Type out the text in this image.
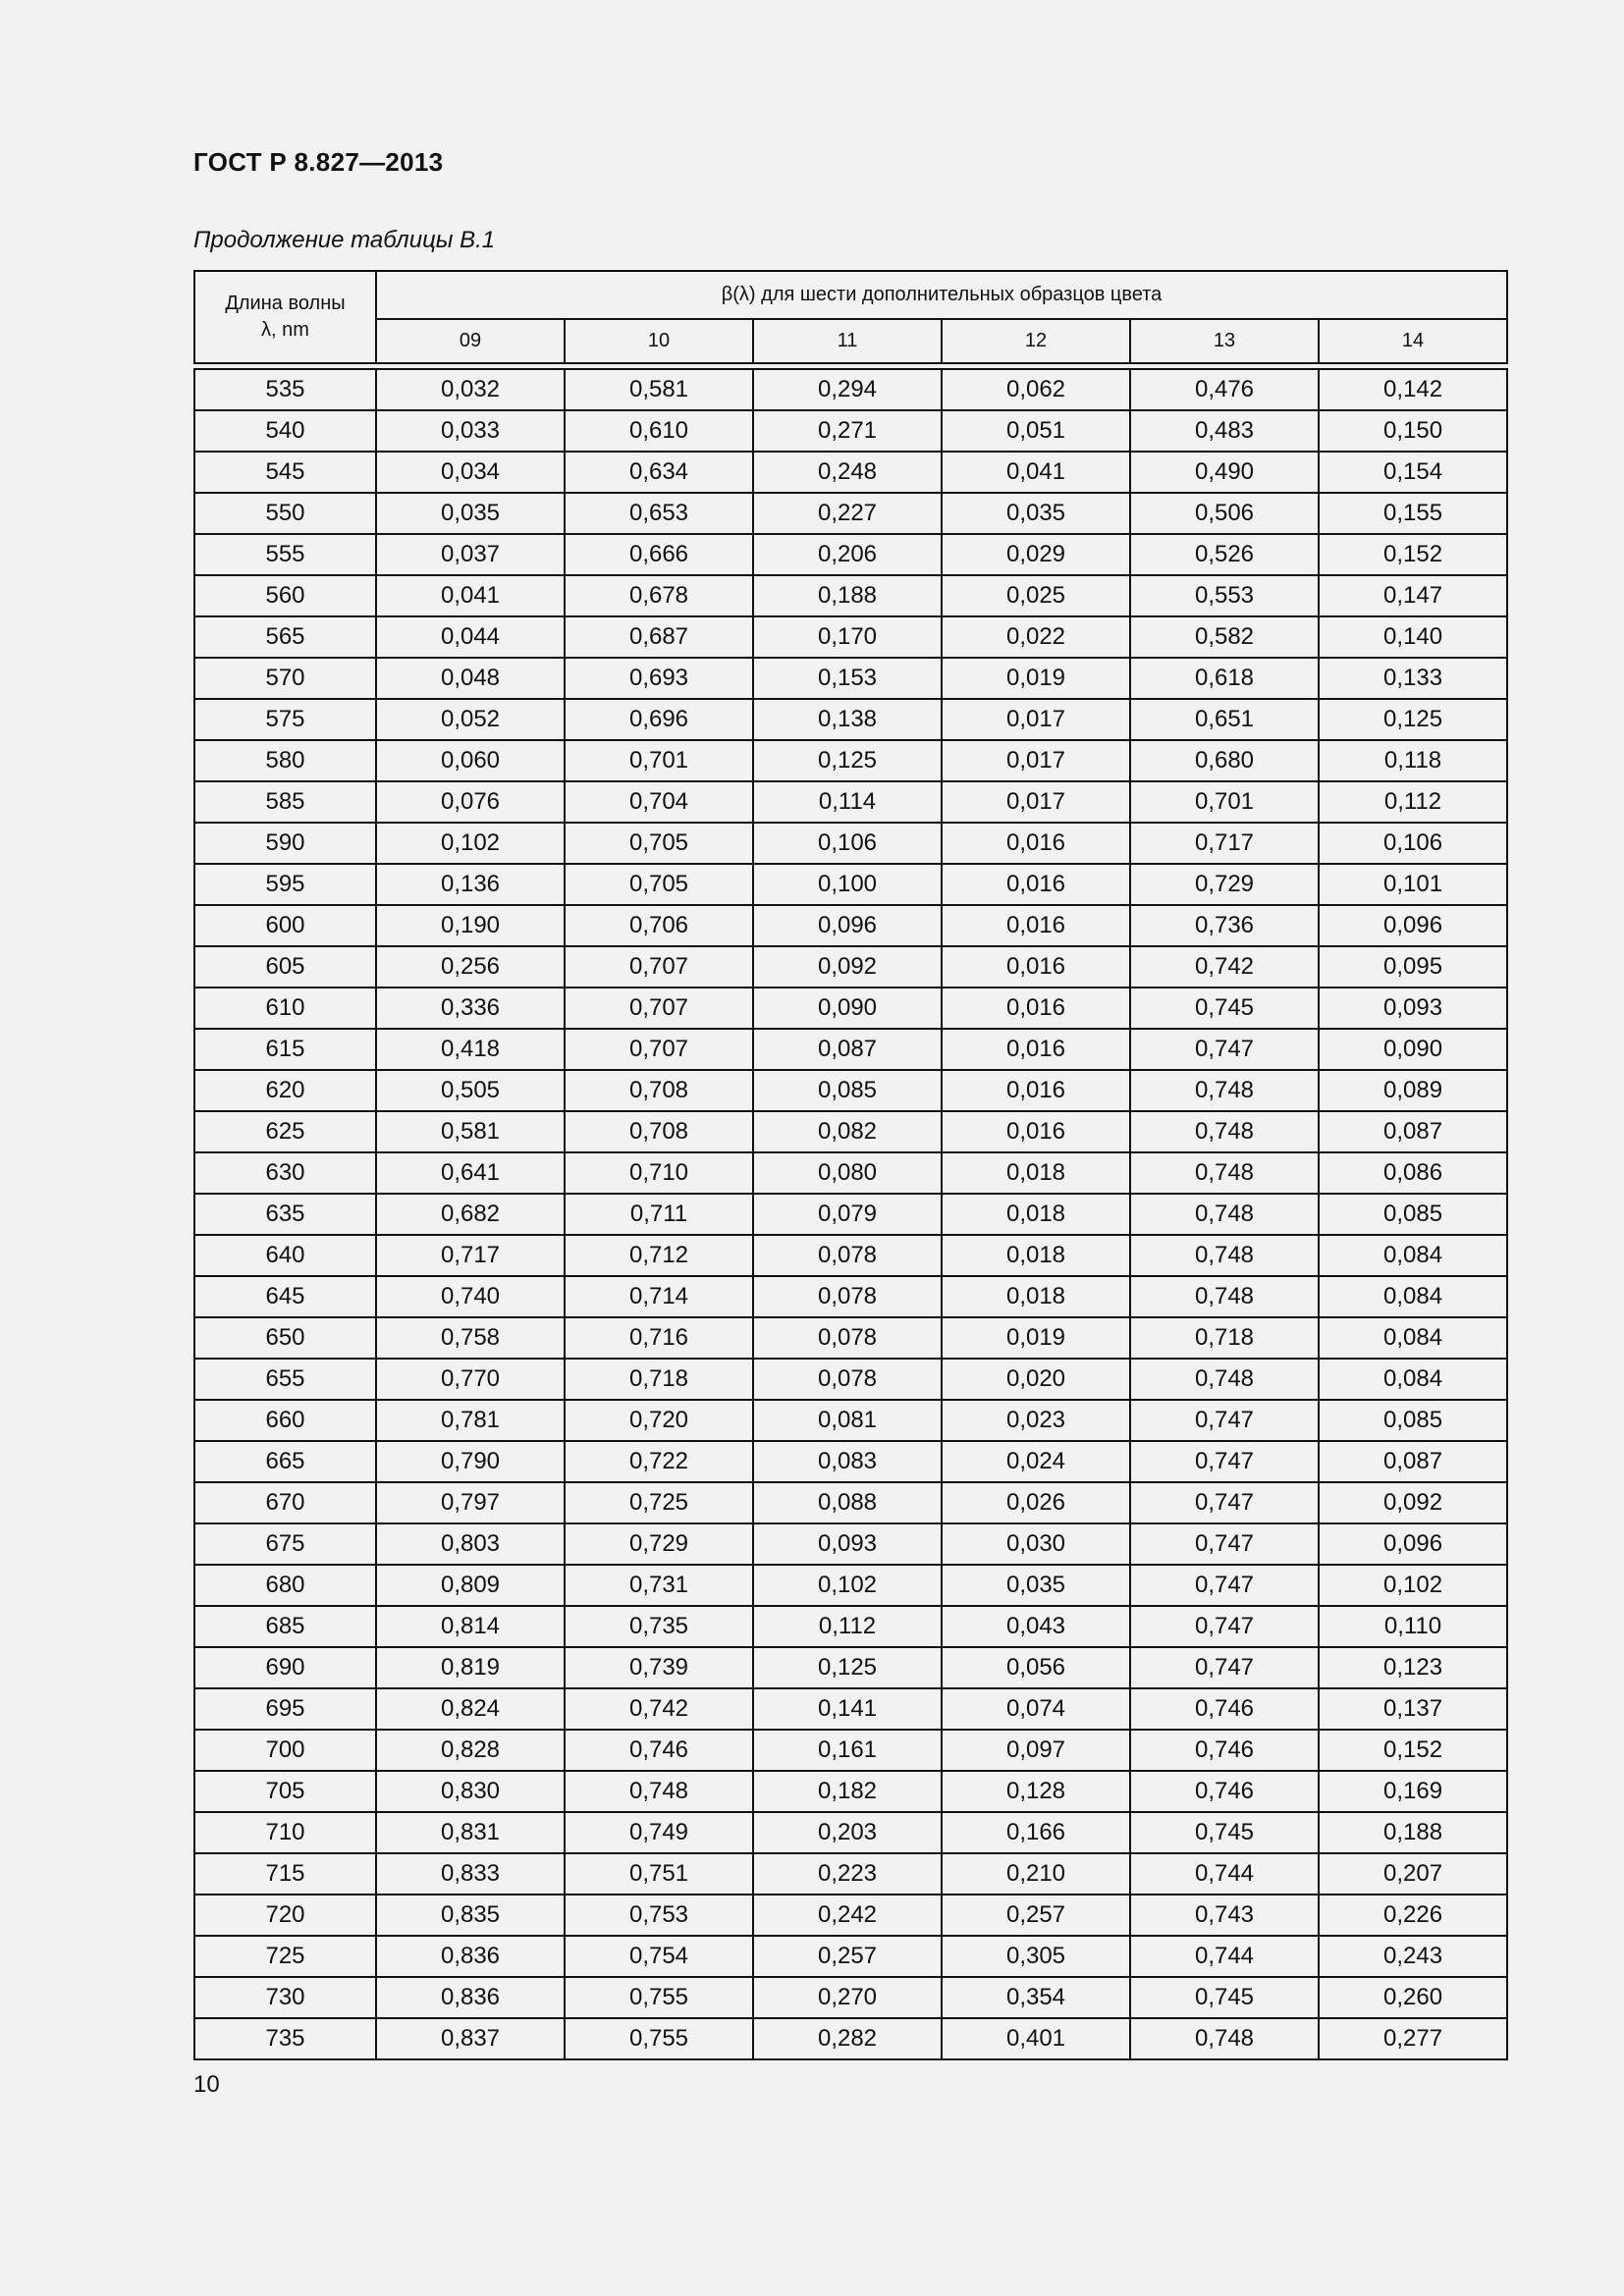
ГОСТ Р 8.827—2013
Продолжение таблицы В.1
Длина волны
λ, nm	β(λ) для шести дополнительных образцов цвета					
	09	10	11	12	13	14

535	0,032	0,581	0,294	0,062	0,476	0,142
540	0,033	0,610	0,271	0,051	0,483	0,150
545	0,034	0,634	0,248	0,041	0,490	0,154
550	0,035	0,653	0,227	0,035	0,506	0,155
555	0,037	0,666	0,206	0,029	0,526	0,152
560	0,041	0,678	0,188	0,025	0,553	0,147
565	0,044	0,687	0,170	0,022	0,582	0,140
570	0,048	0,693	0,153	0,019	0,618	0,133
575	0,052	0,696	0,138	0,017	0,651	0,125
580	0,060	0,701	0,125	0,017	0,680	0,118
585	0,076	0,704	0,114	0,017	0,701	0,112
590	0,102	0,705	0,106	0,016	0,717	0,106
595	0,136	0,705	0,100	0,016	0,729	0,101
600	0,190	0,706	0,096	0,016	0,736	0,096
605	0,256	0,707	0,092	0,016	0,742	0,095
610	0,336	0,707	0,090	0,016	0,745	0,093
615	0,418	0,707	0,087	0,016	0,747	0,090
620	0,505	0,708	0,085	0,016	0,748	0,089
625	0,581	0,708	0,082	0,016	0,748	0,087
630	0,641	0,710	0,080	0,018	0,748	0,086
635	0,682	0,711	0,079	0,018	0,748	0,085
640	0,717	0,712	0,078	0,018	0,748	0,084
645	0,740	0,714	0,078	0,018	0,748	0,084
650	0,758	0,716	0,078	0,019	0,718	0,084
655	0,770	0,718	0,078	0,020	0,748	0,084
660	0,781	0,720	0,081	0,023	0,747	0,085
665	0,790	0,722	0,083	0,024	0,747	0,087
670	0,797	0,725	0,088	0,026	0,747	0,092
675	0,803	0,729	0,093	0,030	0,747	0,096
680	0,809	0,731	0,102	0,035	0,747	0,102
685	0,814	0,735	0,112	0,043	0,747	0,110
690	0,819	0,739	0,125	0,056	0,747	0,123
695	0,824	0,742	0,141	0,074	0,746	0,137
700	0,828	0,746	0,161	0,097	0,746	0,152
705	0,830	0,748	0,182	0,128	0,746	0,169
710	0,831	0,749	0,203	0,166	0,745	0,188
715	0,833	0,751	0,223	0,210	0,744	0,207
720	0,835	0,753	0,242	0,257	0,743	0,226
725	0,836	0,754	0,257	0,305	0,744	0,243
730	0,836	0,755	0,270	0,354	0,745	0,260
735	0,837	0,755	0,282	0,401	0,748	0,277
10
